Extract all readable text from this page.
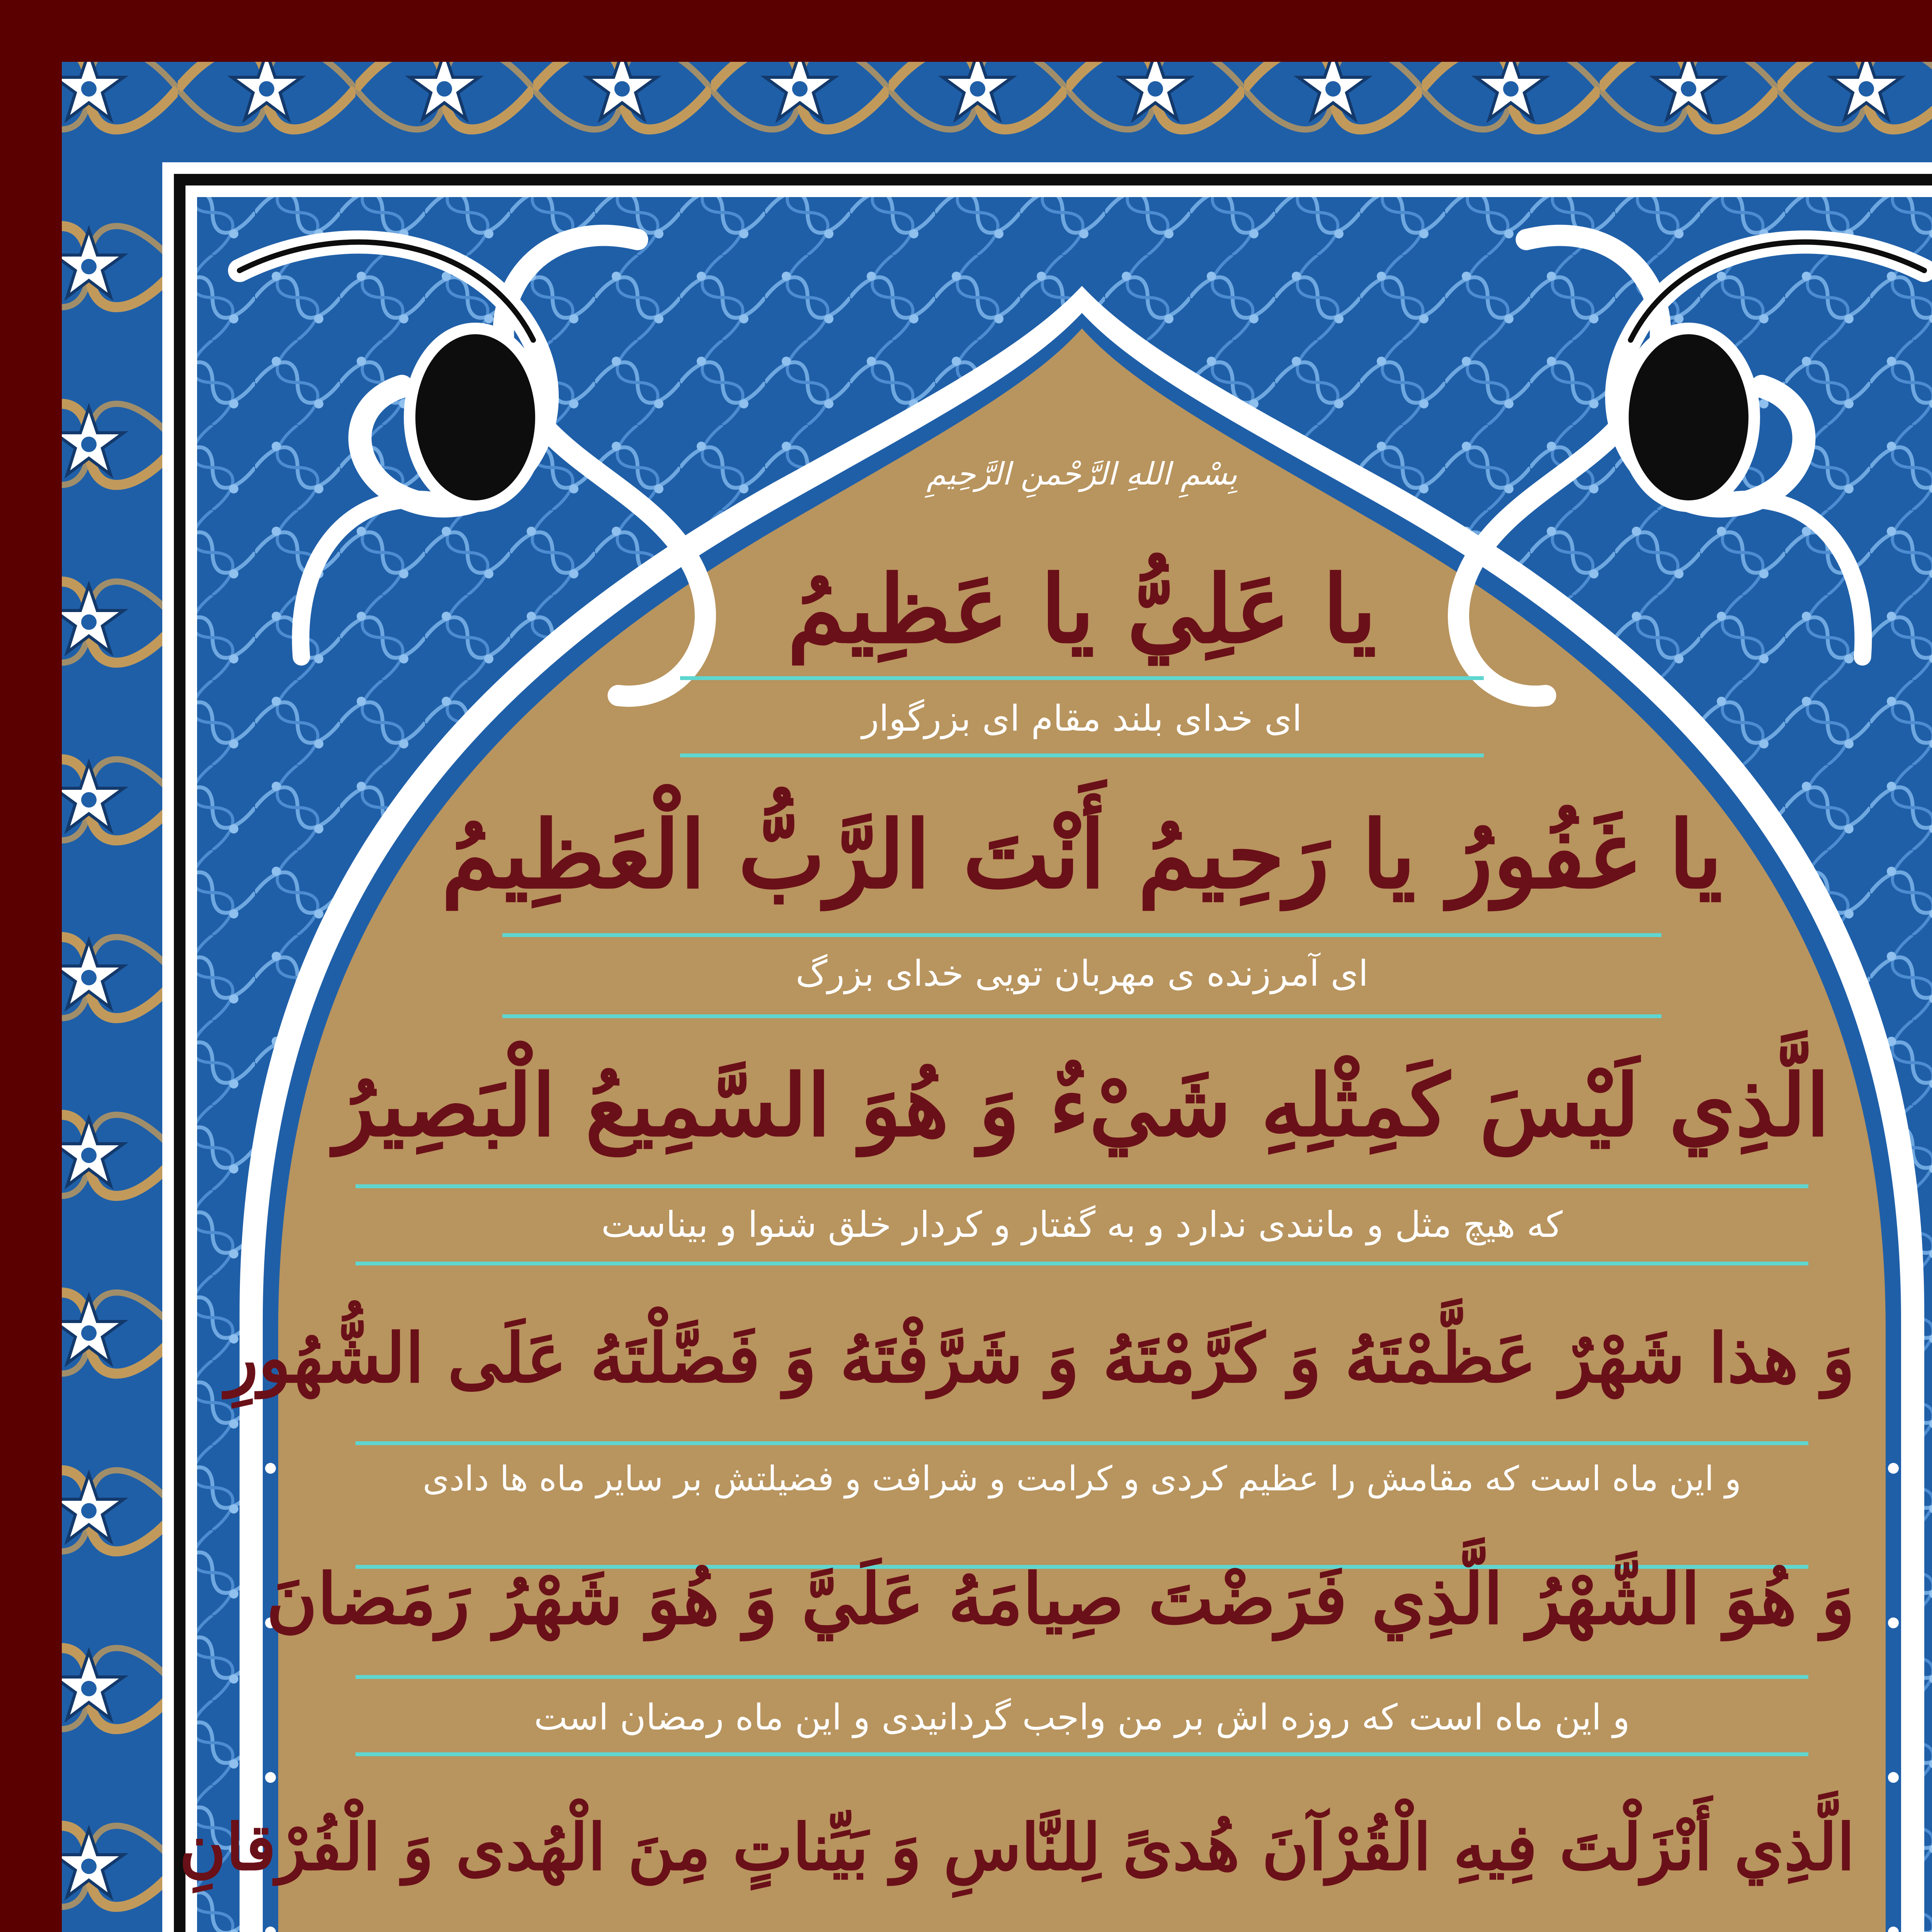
بِسْمِ اللهِ الرَّحْمنِ الرَّحِيمِ
يا عَلِيُّ يا عَظِيمُ
ای خدای بلند مقام ای بزرگوار
يا غَفُورُ يا رَحِيمُ أَنْتَ الرَّبُّ الْعَظِيمُ
ای آمرزنده ی مهربان تویی خدای بزرگ
الَّذِي لَيْسَ كَمِثْلِهِ شَيْءٌ وَ هُوَ السَّمِيعُ الْبَصِيرُ
که هیچ مثل و مانندی ندارد و به گفتار و کردار خلق شنوا و بیناست
وَ هذا شَهْرٌ عَظَّمْتَهُ وَ كَرَّمْتَهُ وَ شَرَّفْتَهُ وَ فَضَّلْتَهُ عَلَى الشُّهُورِ
و این ماه است که مقامش را عظیم کردی و کرامت و شرافت و فضیلتش بر سایر ماه ها دادی
وَ هُوَ الشَّهْرُ الَّذِي فَرَضْتَ صِيامَهُ عَلَيَّ وَ هُوَ شَهْرُ رَمَضانَ
و این ماه است که روزه اش بر من واجب گردانیدی و این ماه رمضان است
الَّذِي أَنْزَلْتَ فِيهِ الْقُرْآنَ هُدىً لِلنَّاسِ وَ بَيِّناتٍ مِنَ الْهُدى وَ الْفُرْقانِ
